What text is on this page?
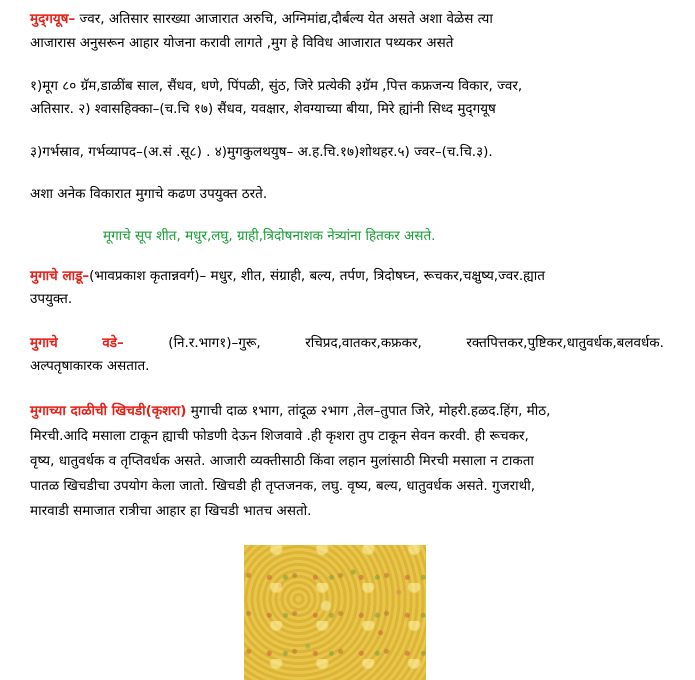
मुद्‌गयूष– ज्वर, अतिसार सारख्या आजारात अरुचि, अग्निमांद्य,दौर्बल्य येत असते अशा वेळेस त्या
आजारास अनुसरून आहार योजना करावी लागते ,मुग हे विविध आजारात पथ्यकर असते
१)मूग ८० ग्रॅम,डाळींब साल, सैंधव, धणे, पिंपळी, सुंठ, जिरे प्रत्येकी ३ग्रॅम ,पित्त कफ्रजन्य विकार, ज्वर,
अतिसार. २) श्वासहिक्का–(च.चि १७) सैंधव, यवक्षार, शेवग्याच्या बीया, मिरे ह्यांनी सिध्द मुद्‌गयूष
३)गर्भस्राव, गर्भव्यापद–(अ.सं .सू८) . ४)मुगकुलथयुष– अ.ह.चि.१७)शोथहर.५) ज्वर–(च.चि.३).
अशा अनेक विकारात मुगाचे कढण उपयुक्त ठरते.
मूगाचे सूप शीत, मधुर,लघु, ग्राही,त्रिदोषनाशक नेत्र्यांना हितकर असते.
मुगाचे लाडू–(भावप्रकाश कृतान्नवर्ग)– मधुर, शीत, संग्राही, बल्य, तर्पण, त्रिदोषघ्न, रूचकर,चक्षुष्य,ज्वर.ह्यात
उपयुक्त.
मुगाचे	वडे–	(नि.र.भाग१)–गुरू,	रचिप्रद,वातकर,कफ्रकर,	रक्तपित्तकर,पुष्टिकर,धातुवर्धक,बलवर्धक.
अल्पतृषाकारक असतात.
मुगाच्या दाळीची खिचडी(कृशरा) मुगाची दाळ १भाग, तांदूळ २भाग ,तेल–तुपात जिरे, मोहरी.हळद.हिंग, मीठ,
मिरची.आदि मसाला टाकून ह्याची फोडणी देऊन शिजवावे .ही कृशरा तुप टाकून सेवन करवी. ही रूचकर,
वृष्य, धातुवर्धक व तृप्तिवर्धक असते. आजारी व्यक्तीसाठी किंवा लहान मुलांसाठी मिरची मसाला न टाकता
पातळ खिचडीचा उपयोग केला जातो. खिचडी ही तृप्तजनक, लघु. वृष्य, बल्य, धातुवर्धक असते. गुजराथी,
मारवाडी समाजात रात्रीचा आहार हा खिचडी भातच असतो.
